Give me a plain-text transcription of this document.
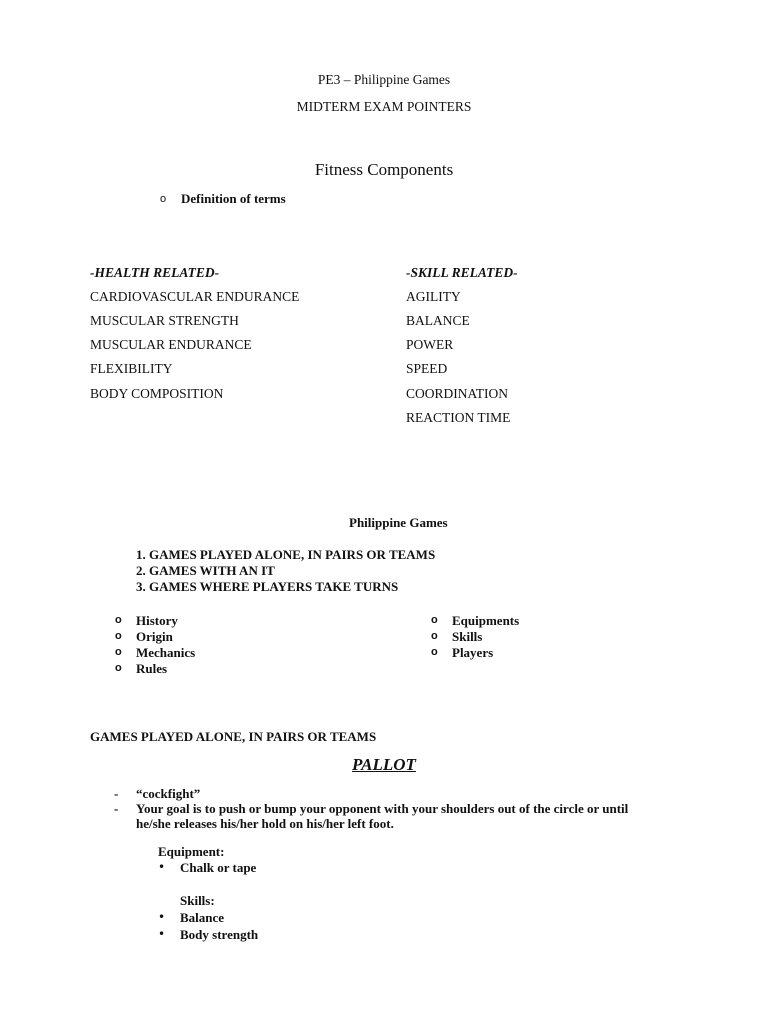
PE3 – Philippine Games
MIDTERM EXAM POINTERS
Fitness Components
o Definition of terms
-HEALTH RELATED-	-SKILL RELATED-
CARDIOVASCULAR ENDURANCE
MUSCULAR STRENGTH
MUSCULAR ENDURANCE
FLEXIBILITY
BODY COMPOSITION
AGILITY
BALANCE
POWER
SPEED
COORDINATION
REACTION TIME
Philippine Games
1. GAMES PLAYED ALONE, IN PAIRS OR TEAMS
2. GAMES WITH AN IT
3. GAMES WHERE PLAYERS TAKE TURNS
o History
o Origin
o Mechanics
o Rules
o Equipments
o Skills
o Players
GAMES PLAYED ALONE, IN PAIRS OR TEAMS
PALLOT
- “cockfight”
- Your goal is to push or bump your opponent with your shoulders out of the circle or until
he/she releases his/her hold on his/her left foot.
Equipment:
• Chalk or tape
Skills:
• Balance
• Body strength
